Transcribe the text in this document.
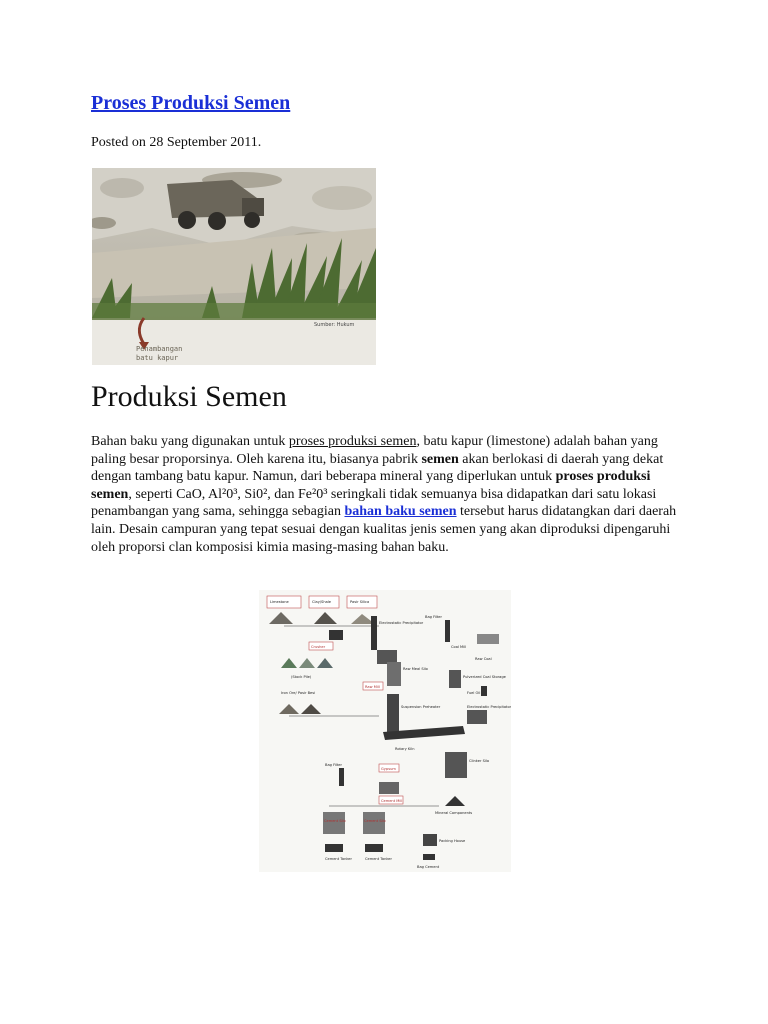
Proses Produksi Semen
Posted on 28 September 2011.
Sumber: Hukum
Penambangan
batu kapur
Produksi Semen

Bahan baku yang digunakan untuk proses produksi semen, batu kapur (limestone) adalah bahan yang paling besar proporsinya. Oleh karena itu, biasanya pabrik semen akan berlokasi di daerah yang dekat dengan tambang batu kapur. Namun, dari beberapa mineral yang diperlukan untuk proses produksi semen, seperti CaO, Al²0³, Si0², dan Fe²0³ seringkali tidak semuanya bisa didapatkan dari satu lokasi penambangan yang sama, sehingga sebagian bahan baku semen tersebut harus didatangkan dari daerah lain. Desain campuran yang tepat sesuai dengan kualitas jenis semen yang akan diproduksi dipengaruhi oleh proporsi clan komposisi kimia masing-masing bahan baku.

Limestone	Clay/Shale	Pasir Silica
Crusher
(Stock Pile)
Iron Ore/ Pasir Besi
Electrostatic Precipitator
Raw Meal Silo
Raw Mill
Bag Filter
Coal Mill
Raw Coal
Pulverized Coal Storage
Fuel Oil
Suspension Preheater	Electrostatic Precipitator
Rotary Kiln
Clinker Silo
Gypsum
Bag Filter
Cement Mill
Mineral Components
Cement Silo	Cement Silo
Packing House
Cement Tanker	Cement Tanker
Bag Cement
